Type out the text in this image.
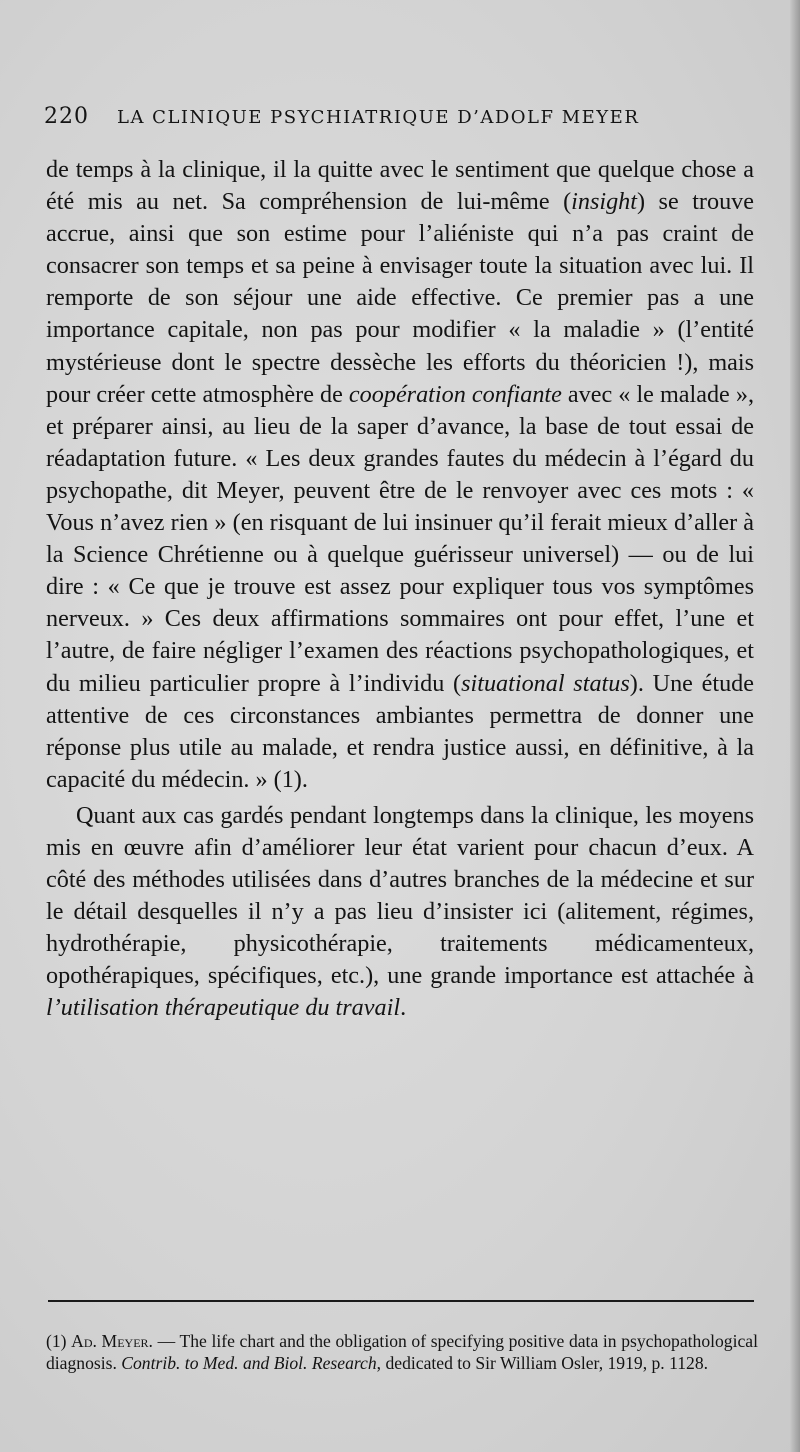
220 LA CLINIQUE PSYCHIATRIQUE D’ADOLF MEYER

de temps à la clinique, il la quitte avec le sentiment que quelque chose a été mis au net. Sa compréhension de lui-même (insight) se trouve accrue, ainsi que son estime pour l’aliéniste qui n’a pas craint de consacrer son temps et sa peine à envisager toute la situation avec lui. Il remporte de son séjour une aide effective. Ce premier pas a une importance capitale, non pas pour modifier « la maladie » (l’entité mystérieuse dont le spectre dessèche les efforts du théoricien !), mais pour créer cette atmosphère de coopération confiante avec « le malade », et préparer ainsi, au lieu de la saper d’avance, la base de tout essai de réadaptation future. « Les deux grandes fautes du médecin à l’égard du psychopathe, dit Meyer, peuvent être de le renvoyer avec ces mots : « Vous n’avez rien » (en risquant de lui insinuer qu’il ferait mieux d’aller à la Science Chrétienne ou à quelque guérisseur universel) — ou de lui dire : « Ce que je trouve est assez pour expliquer tous vos symptômes nerveux. » Ces deux affirmations sommaires ont pour effet, l’une et l’autre, de faire négliger l’examen des réactions psychopathologiques, et du milieu particulier propre à l’individu (situational status). Une étude attentive de ces circonstances ambiantes permettra de donner une réponse plus utile au malade, et rendra justice aussi, en définitive, à la capacité du médecin. » (1).

Quant aux cas gardés pendant longtemps dans la clinique, les moyens mis en œuvre afin d’améliorer leur état varient pour chacun d’eux. A côté des méthodes utilisées dans d’autres branches de la médecine et sur le détail desquelles il n’y a pas lieu d’insister ici (alitement, régimes, hydrothérapie, physicothérapie, traitements médicamenteux, opothérapiques, spécifiques, etc.), une grande importance est attachée à l’utilisation thérapeutique du travail.

(1) Ad. Meyer. — The life chart and the obligation of specifying positive data in psychopathological diagnosis. Contrib. to Med. and Biol. Research, dedicated to Sir William Osler, 1919, p. 1128.
